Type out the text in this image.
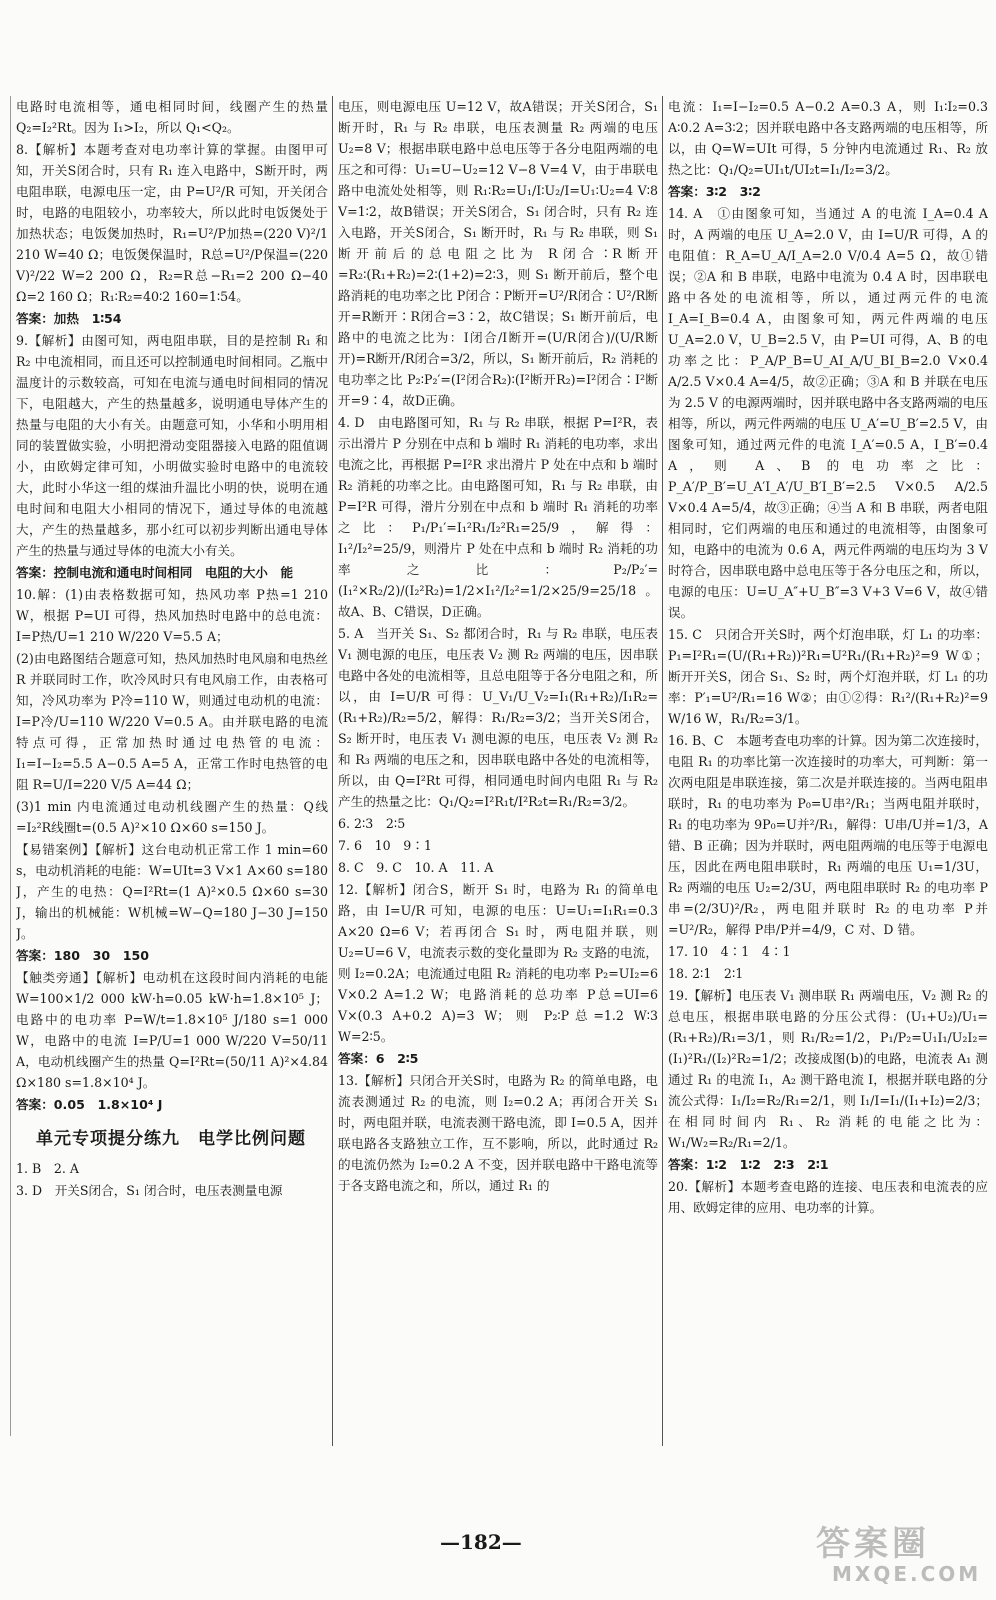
电路时电流相等，通电相同时间，线圈产生的热量 Q₂=I₂²Rt。因为 I₁>I₂，所以 Q₁<Q₂。
8.【解析】本题考查对电功率计算的掌握。由图甲可知，开关S闭合时，只有 R₁ 连入电路中，S断开时，两电阻串联，电源电压一定，由 P=U²/R 可知，开关闭合时，电路的电阻较小，功率较大，所以此时电饭煲处于加热状态；电饭煲加热时，R₁=U²/P加热=(220 V)²/1 210 W=40 Ω；电饭煲保温时，R总=U²/P保温=(220 V)²/22 W=2 200 Ω，R₂=R总−R₁=2 200 Ω−40 Ω=2 160 Ω；R₁∶R₂=40∶2 160=1∶54。
答案：加热　1∶54
9.【解析】由图可知，两电阻串联，目的是控制 R₁ 和 R₂ 中电流相同，而且还可以控制通电时间相同。乙瓶中温度计的示数较高，可知在电流与通电时间相同的情况下，电阻越大，产生的热量越多，说明通电导体产生的热量与电阻的大小有关。由题意可知，小华和小明用相同的装置做实验，小明把滑动变阻器接入电路的阻值调小，由欧姆定律可知，小明做实验时电路中的电流较大，此时小华这一组的煤油升温比小明的快，说明在通电时间和电阻大小相同的情况下，通过导体的电流越大，产生的热量越多，那小红可以初步判断出通电导体产生的热量与通过导体的电流大小有关。
答案：控制电流和通电时间相同　电阻的大小　能
10.解：(1)由表格数据可知，热风功率 P热=1 210 W，根据 P=UI 可得，热风加热时电路中的总电流：I=P热/U=1 210 W/220 V=5.5 A；
(2)由电路图结合题意可知，热风加热时电风扇和电热丝 R 并联同时工作，吹冷风时只有电风扇工作，由表格可知，冷风功率为 P冷=110 W，则通过电动机的电流：I=P冷/U=110 W/220 V=0.5 A。由并联电路的电流特点可得，正常加热时通过电热管的电流：I₁=I−I₂=5.5 A−0.5 A=5 A，正常工作时电热管的电阻 R=U/I=220 V/5 A=44 Ω；
(3)1 min 内电流通过电动机线圈产生的热量：Q线=I₂²R线圈t=(0.5 A)²×10 Ω×60 s=150 J。
【易错案例】【解析】这台电动机正常工作 1 min=60 s，电动机消耗的电能：W=UIt=3 V×1 A×60 s=180 J，产生的电热：Q=I²Rt=(1 A)²×0.5 Ω×60 s=30 J，输出的机械能：W机械=W−Q=180 J−30 J=150 J。
答案：180　30　150
【触类旁通】【解析】电动机在这段时间内消耗的电能 W=100×1/2 000 kW·h=0.05 kW·h=1.8×10⁵ J；电路中的电功率 P=W/t=1.8×10⁵ J/180 s=1 000 W，电路中的电流 I=P/U=1 000 W/220 V=50/11 A，电动机线圈产生的热量 Q=I²Rt=(50/11 A)²×4.84 Ω×180 s=1.8×10⁴ J。
答案：0.05　1.8×10⁴ J
单元专项提分练九　电学比例问题
1. B　2. A
3. D　开关S闭合，S₁ 闭合时，电压表测量电源
电压，则电源电压 U=12 V，故A错误；开关S闭合，S₁ 断开时，R₁ 与 R₂ 串联，电压表测量 R₂ 两端的电压 U₂=8 V；根据串联电路中总电压等于各分电阻两端的电压之和可得：U₁=U−U₂=12 V−8 V=4 V，由于串联电路中电流处处相等，则 R₁∶R₂=U₁/I∶U₂/I=U₁∶U₂=4 V∶8 V=1∶2，故B错误；开关S闭合，S₁ 闭合时，只有 R₂ 连入电路，开关S闭合，S₁ 断开时，R₁ 与 R₂ 串联，则 S₁ 断开前后的总电阻之比为 R闭合∶R断开=R₂∶(R₁+R₂)=2∶(1+2)=2∶3，则 S₁ 断开前后，整个电路消耗的电功率之比 P闭合∶P断开=U²/R闭合∶U²/R断开=R断开∶R闭合=3∶2，故C错误；S₁ 断开前后，电路中的电流之比为：I闭合/I断开=(U/R闭合)/(U/R断开)=R断开/R闭合=3/2，所以，S₁ 断开前后，R₂ 消耗的电功率之比 P₂∶P₂′=(I²闭合R₂)∶(I²断开R₂)=I²闭合∶I²断开=9∶4，故D正确。
4. D　由电路图可知，R₁ 与 R₂ 串联，根据 P=I²R，表示出滑片 P 分别在中点和 b 端时 R₁ 消耗的电功率，求出电流之比，再根据 P=I²R 求出滑片 P 处在中点和 b 端时 R₂ 消耗的功率之比。由电路图可知，R₁ 与 R₂ 串联，由 P=I²R 可得，滑片分别在中点和 b 端时 R₁ 消耗的功率之比：P₁/P₁′=I₁²R₁/I₂²R₁=25/9，解得：I₁²/I₂²=25/9，则滑片 P 处在中点和 b 端时 R₂ 消耗的功率之比：P₂/P₂′=(I₁²×R₂/2)/(I₂²R₂)=1/2×I₁²/I₂²=1/2×25/9=25/18。故A、B、C错误，D正确。
5. A　当开关 S₁、S₂ 都闭合时，R₁ 与 R₂ 串联，电压表 V₁ 测电源的电压，电压表 V₂ 测 R₂ 两端的电压，因串联电路中各处的电流相等，且总电阻等于各分电阻之和，所以，由 I=U/R 可得：U_V₁/U_V₂=I₁(R₁+R₂)/I₁R₂=(R₁+R₂)/R₂=5/2，解得：R₁/R₂=3/2；当开关S闭合，S₂ 断开时，电压表 V₁ 测电源的电压，电压表 V₂ 测 R₂ 和 R₃ 两端的电压之和，因串联电路中各处的电流相等，所以，由 Q=I²Rt 可得，相同通电时间内电阻 R₁ 与 R₂ 产生的热量之比：Q₁/Q₂=I²R₁t/I²R₂t=R₁/R₂=3/2。
6. 2∶3　2∶5
7. 6　10　9∶1
8. C　9. C　10. A　11. A
12.【解析】闭合S，断开 S₁ 时，电路为 R₁ 的简单电路，由 I=U/R 可知，电源的电压：U=U₁=I₁R₁=0.3 A×20 Ω=6 V；若再闭合 S₁ 时，两电阻并联，则 U₂=U=6 V，电流表示数的变化量即为 R₂ 支路的电流，则 I₂=0.2A；电流通过电阻 R₂ 消耗的电功率 P₂=UI₂=6 V×0.2 A=1.2 W；电路消耗的总功率 P总=UI=6 V×(0.3 A+0.2 A)=3 W；则 P₂∶P总=1.2 W∶3 W=2∶5。
答案：6　2∶5
13.【解析】只闭合开关S时，电路为 R₂ 的简单电路，电流表测通过 R₂ 的电流，则 I₂=0.2 A；再闭合开关 S₁ 时，两电阻并联，电流表测干路电流，即 I=0.5 A，因并联电路各支路独立工作，互不影响，所以，此时通过 R₂ 的电流仍然为 I₂=0.2 A 不变，因并联电路中干路电流等于各支路电流之和，所以，通过 R₁ 的
电流：I₁=I−I₂=0.5 A−0.2 A=0.3 A，则 I₁∶I₂=0.3 A∶0.2 A=3∶2；因并联电路中各支路两端的电压相等，所以，由 Q=W=UIt 可得，5 分钟内电流通过 R₁、R₂ 放热之比：Q₁/Q₂=UI₁t/UI₂t=I₁/I₂=3/2。
答案：3∶2　3∶2
14. A　①由图象可知，当通过 A 的电流 I_A=0.4 A 时，A 两端的电压 U_A=2.0 V，由 I=U/R 可得，A 的电阻值：R_A=U_A/I_A=2.0 V/0.4 A=5 Ω，故①错误；②A 和 B 串联，电路中电流为 0.4 A 时，因串联电路中各处的电流相等，所以，通过两元件的电流 I_A=I_B=0.4 A，由图象可知，两元件两端的电压 U_A=2.0 V，U_B=2.5 V，由 P=UI 可得，A、B 的电功率之比：P_A/P_B=U_AI_A/U_BI_B=2.0 V×0.4 A/2.5 V×0.4 A=4/5，故②正确；③A 和 B 并联在电压为 2.5 V 的电源两端时，因并联电路中各支路两端的电压相等，所以，两元件两端的电压 U_A′=U_B′=2.5 V，由图象可知，通过两元件的电流 I_A′=0.5 A，I_B′=0.4 A，则 A、B 的电功率之比：P_A′/P_B′=U_A′I_A′/U_B′I_B′=2.5 V×0.5 A/2.5 V×0.4 A=5/4，故③正确；④当 A 和 B 串联，两者电阻相同时，它们两端的电压和通过的电流相等，由图象可知，电路中的电流为 0.6 A，两元件两端的电压均为 3 V 时符合，因串联电路中总电压等于各分电压之和，所以，电源的电压：U=U_A″+U_B″=3 V+3 V=6 V，故④错误。
15. C　只闭合开关S时，两个灯泡串联，灯 L₁ 的功率：P₁=I²R₁=(U/(R₁+R₂))²R₁=U²R₁/(R₁+R₂)²=9 W①；断开开关S，闭合 S₁、S₂ 时，两个灯泡并联，灯 L₁ 的功率：P′₁=U²/R₁=16 W②；由①②得：R₁²/(R₁+R₂)²=9 W/16 W，R₁/R₂=3/1。
16. B、C　本题考查电功率的计算。因为第二次连接时，电阻 R₁ 的功率比第一次连接时的功率大，可判断：第一次两电阻是串联连接，第二次是并联连接的。当两电阻串联时，R₁ 的电功率为 P₀=U串²/R₁；当两电阻并联时，R₁ 的电功率为 9P₀=U并²/R₁，解得：U串/U并=1/3，A 错、B 正确；因为并联时，两电阻两端的电压等于电源电压，因此在两电阻串联时，R₁ 两端的电压 U₁=1/3U，R₂ 两端的电压 U₂=2/3U，两电阻串联时 R₂ 的电功率 P串=(2/3U)²/R₂，两电阻并联时 R₂ 的电功率 P并=U²/R₂，解得 P串/P并=4/9，C 对、D 错。
17. 10　4∶1　4∶1
18. 2∶1　2∶1
19.【解析】电压表 V₁ 测串联 R₁ 两端电压，V₂ 测 R₂ 的总电压，根据串联电路的分压公式得：(U₁+U₂)/U₁=(R₁+R₂)/R₁=3/1，则 R₁/R₂=1/2，P₁/P₂=U₁I₁/U₂I₂=(I₁)²R₁/(I₂)²R₂=1/2；改接成图(b)的电路，电流表 A₁ 测通过 R₁ 的电流 I₁，A₂ 测干路电流 I，根据并联电路的分流公式得：I₁/I₂=R₂/R₁=2/1，则 I₁/I=I₁/(I₁+I₂)=2/3；在相同时间内 R₁、R₂ 消耗的电能之比为：W₁/W₂=R₂/R₁=2/1。
答案：1∶2　1∶2　2∶3　2∶1
20.【解析】本题考查电路的连接、电压表和电流表的应用、欧姆定律的应用、电功率的计算。
—182—	答案圈
MXQE.COM
